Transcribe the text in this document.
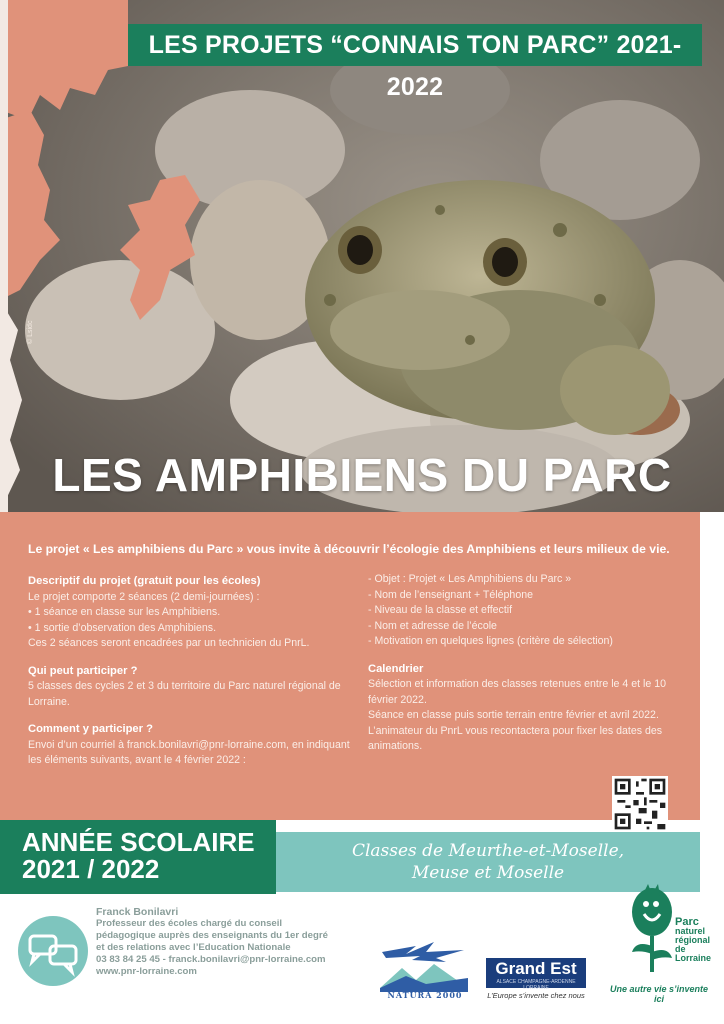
LES PROJETS “CONNAIS TON PARC” 2021-2022
© Lsidc
LES AMPHIBIENS DU PARC
Le projet « Les amphibiens du Parc » vous invite à découvrir l’écologie des Amphibiens et leurs milieux de vie.

Descriptif du projet (gratuit pour les écoles)

Le projet comporte 2 séances (2 demi-journées) :

• 1 séance en classe sur les Amphibiens.

• 1 sortie d’observation des Amphibiens.

Ces 2 séances seront encadrées par un technicien du PnrL.

Qui peut participer ?

5 classes des cycles 2 et 3 du territoire du Parc naturel régional de Lorraine.

Comment y participer ?

Envoi d’un courriel à franck.bonilavri@pnr-lorraine.com, en indiquant les éléments suivants, avant le 4 février 2022 :

- Objet : Projet « Les Amphibiens du Parc »

- Nom de l’enseignant + Téléphone

- Niveau de la classe et effectif

- Nom et adresse de l’école

- Motivation en quelques lignes (critère de sélection)

Calendrier

Sélection et information des classes retenues entre le 4 et le 10 février 2022.

Séance en classe puis sortie terrain entre février et avril 2022.

L’animateur du PnrL vous recontactera pour fixer les dates des animations.

ANNÉE SCOLAIRE
2021 / 2022
Classes de Meurthe-et-Moselle,
Meuse et Moselle
Franck Bonilavri
Professeur des écoles chargé du conseil
pédagogique auprès des enseignants du 1er degré
et des relations avec l’Education Nationale
03 83 84 25 45 - franck.bonilavri@pnr-lorraine.com
www.pnr-lorraine.com
NATURA 2000
Grand Est
ALSACE CHAMPAGNE-ARDENNE LORRAINE
L’Europe s’invente chez nous
Parc
naturel
régional
de Lorraine
Une autre vie s’invente ici
